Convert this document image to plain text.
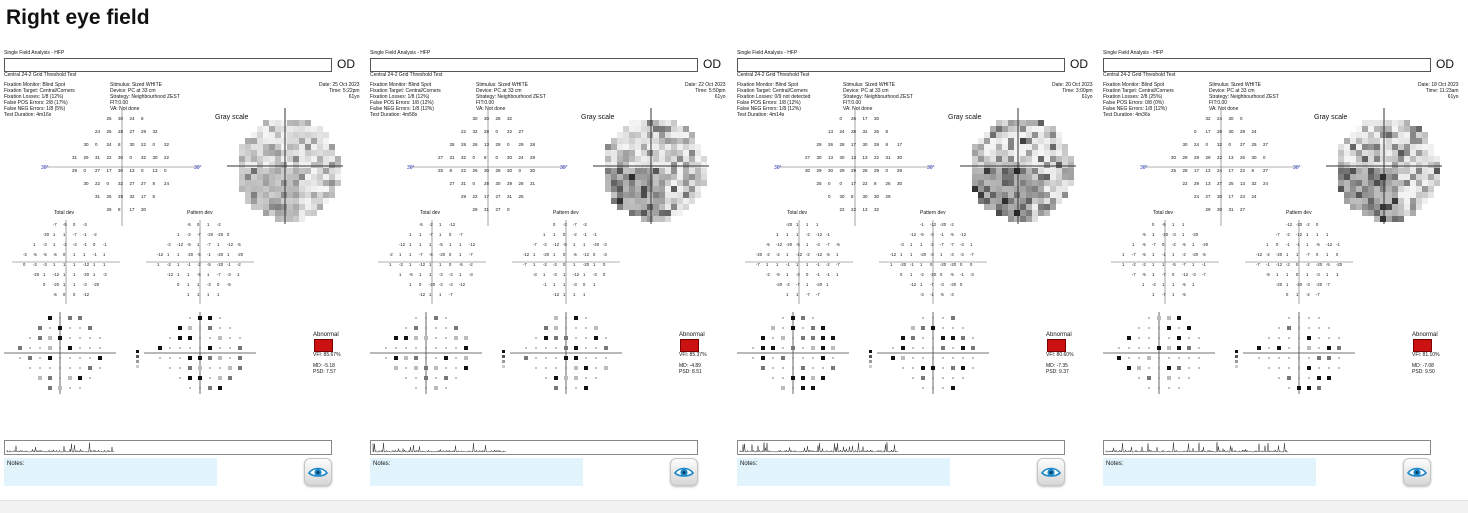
Right eye field
Single Field Analysis - HFP
OD
Central 24-2 Grid Threshold Test
Fixation Monitor: Blind Spot
Fixation Target: Central/Corners
Fixation Losses: 1/8 (12%)
False POS Errors: 2/8 (17%)
False NEG Errors: 1/8 (5%)
Test Duration: 4m16s
Stimulus: Sized WHITE
Device: PC at 33 cm
Strategy: Neighbourhood ZEST
FIT:0.00
VA: Not done
Date: 25 Oct 2023
Time: 5:22pm
61yo
Gray scale
25 30 24 8
24 25 28 27 29 32
30 0 24 8 30 22 0 32
31 29 31 22 30 0 32 30 22
29 0 27 17 30 13 0 13 0
30 22 0 32 27 27 8 24
31 25 29 32 17 8
26 8 17 30
30°	30°
-7 -5 0 -3
-20 1 1 -7 -1 -2
1 -3 1 -2 -2 -1 0 -1
-3 -5 -5 -5 0 1 1 -1 1
0 -3 -3 1 1 1 -12 1 1
-20 1 -12 1 1 -20 1 -2
0 -20 1 1 -3 -20
-5 0 0 -12
-5 0 1 -2
1 -2 -7 -20 -20 0
-2 -12 -5 1 -7 1 -12 -5
-12 1 1 -20 -5 -1 -20 1 -20
1 -2 1 -1 -2 -5 -20 -1 -2
-12 1 1 -5 1 -7 -3 1
0 1 1 -3 0 -5
1 1 1 1
Total dev	Pattern dev
Abnormal
VFI: 85.67%
MD: -5.18
PSD: 7.57
Notes:
Single Field Analysis - HFP
OD
Central 24-2 Grid Threshold Test
Fixation Monitor: Blind Spot
Fixation Target: Central/Corners
Fixation Losses: 1/8 (12%)
False POS Errors: 1/8 (12%)
False NEG Errors: 1/8 (12%)
Test Duration: 4m58s
Stimulus: Sized WHITE
Device: PC at 33 cm
Strategy: Neighbourhood ZEST
FIT:0.00
VA: Not done
Date: 22 Oct 2023
Time: 5:50pm
61yo
Gray scale
30 30 28 32
22 32 28 0 22 27
28 28 26 13 29 0 29 28
27 31 32 0 8 0 30 24 29
25 8 22 26 30 28 30 0 30
27 31 0 28 30 29 28 31
29 22 17 27 31 25
29 31 27 0
30°	30°
-5 -2 1 -12
1 1 -7 1 0 -7
-12 1 1 1 -5 1 1 -12
-2 1 1 -7 -5 -20 0 1 -7
1 -3 1 -12 1 1 0 -5 -2
1 -5 1 1 -2 -2 1 -3
1 0 -20 -2 -2 -12
-12 1 1 -7
0 -3 -7 -2
1 1 0 -2 -1 -1
-7 -2 -12 -5 1 1 -20 -3
-12 1 -20 1 0 -5 -12 0 -3
-7 1 -2 -3 0 1 -20 1 0
-3 1 -3 1 -12 1 -3 0
-1 1 1 -3 0 1
-12 1 1 1
Total dev	Pattern dev
Abnormal
VFI: 85.37%
MD: -4.89
PSD: 8.51
Notes:
Single Field Analysis - HFP
OD
Central 24-2 Grid Threshold Test
Fixation Monitor: Blind Spot
Fixation Target: Central/Corners
Fixation Losses: 0/9 not detected
False POS Errors: 1/8 (12%)
False NEG Errors: 1/8 (12%)
Test Duration: 4m14s
Stimulus: Sized WHITE
Device: PC at 33 cm
Strategy: Neighbourhood ZEST
FIT:0.00
VA: Not done
Date: 20 Oct 2023
Time: 3:00pm
61yo
Gray scale
0 26 17 30
13 24 28 32 26 8
29 26 28 17 30 29 8 17
27 30 13 30 13 13 22 31 30
30 29 30 29 29 26 29 0 28
25 0 0 17 22 8 26 30
0 30 8 30 30 29
22 22 13 32
30°	30°
-20 1 1 1
1 1 1 -2 -12 -1
-5 -12 -20 -5 1 -3 -7 -5
-20 -2 -2 1 -12 -2 -12 -5 1
-7 1 1 -1 1 1 -1 -2 -7
-2 -5 1 -3 0 -1 -1 1
-20 -2 -7 1 -20 1
1 1 -7 -7
-1 -12 -20 -2
-12 -5 -3 -1 -5 -12
-3 1 1 -2 -7 -7 -3 1
-12 1 1 -20 -3 1 -3 -3 -7
1 -20 -1 1 0 -20 -20 0 0
0 1 -2 -20 0 -5 -1 -3
-12 1 -7 -3 -20 0
-3 -1 -5 -3
Total dev	Pattern dev
Abnormal
VFI: 80.60%
MD: -7.35
PSD: 9.37
Notes:
Single Field Analysis - HFP
OD
Central 24-2 Grid Threshold Test
Fixation Monitor: Blind Spot
Fixation Target: Central/Corners
Fixation Losses: 2/8 (25%)
False POS Errors: 0/8 (0%)
False NEG Errors: 1/8 (12%)
Test Duration: 4m36s
Stimulus: Sized WHITE
Device: PC at 33 cm
Strategy: Neighbourhood ZEST
FIT:0.00
VA: Not done
Date: 18 Oct 2023
Time: 11:23am
61yo
Gray scale
32 24 30 0
0 17 28 30 29 24
30 24 0 32 0 27 25 27
30 29 29 29 22 13 26 30 0
25 28 17 13 24 17 22 8 27
22 29 13 27 25 13 32 24
24 27 30 17 24 24
29 30 31 27
30°	30°
0 -5 1 1
-5 1 -20 -3 1 -20
1 -5 -7 0 -2 -5 1 -20
1 -7 -5 1 -1 1 -2 -20 -5
1 -2 -2 1 1 -5 -7 1 -1
-7 -5 1 -7 0 -12 -3 -7
1 -2 1 1 -5 1
1 -7 1 -5
-12 -20 -2 0
-7 -2 -12 1 1 1
1 0 -1 -1 1 -5 -12 -1
-12 -2 -20 1 1 -7 0 1 0
-7 -1 -12 -2 0 -2 -20 -5 -20
-5 1 1 0 1 -3 1 1
-20 1 -20 -3 -20 -7
0 1 -2 -7
Total dev	Pattern dev
Abnormal
VFI: 81.10%
MD: -7.08
PSD: 9.50
Notes:
